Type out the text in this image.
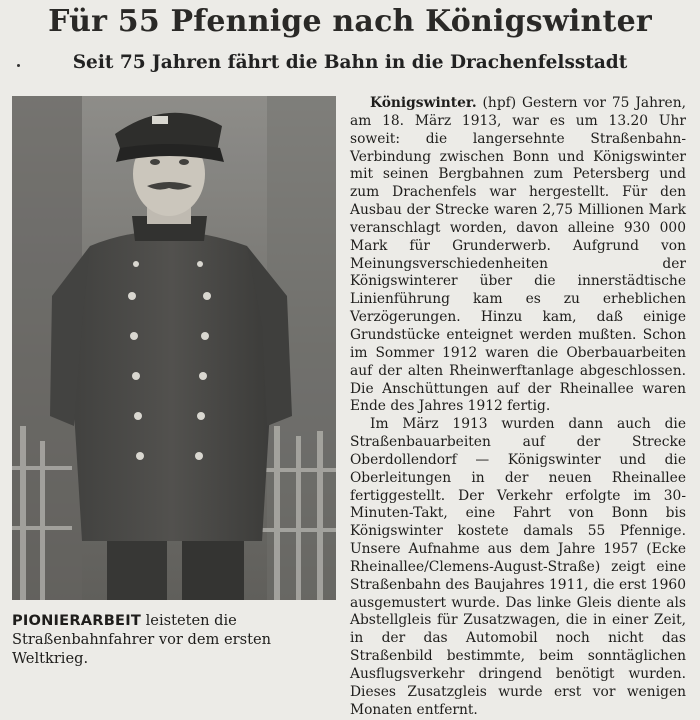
Für 55 Pfennige nach Königswinter
Seit 75 Jahren fährt die Bahn in die Drachenfelsstadt
PIONIERARBEIT leisteten die Straßenbahnfahrer vor dem ersten Weltkrieg.

Königswinter. (hpf) Gestern vor 75 Jahren, am 18. März 1913, war es um 13.20 Uhr soweit: die langersehnte Straßenbahn-Verbindung zwischen Bonn und Königswinter mit seinen Bergbahnen zum Petersberg und zum Drachenfels war hergestellt. Für den Ausbau der Strecke waren 2,75 Millionen Mark veranschlagt worden, davon alleine 930 000 Mark für Grunderwerb. Aufgrund von Meinungsverschiedenheiten der Königswinterer über die innerstädtische Linienführung kam es zu erheblichen Verzögerungen. Hinzu kam, daß einige Grundstücke enteignet werden mußten. Schon im Sommer 1912 waren die Oberbauarbeiten auf der alten Rheinwerftanlage abgeschlossen. Die Anschüttungen auf der Rheinallee waren Ende des Jahres 1912 fertig.

Im März 1913 wurden dann auch die Straßenbauarbeiten auf der Strecke Oberdollendorf — Königswinter und die Oberleitungen in der neuen Rheinallee fertiggestellt. Der Verkehr erfolgte im 30-Minuten-Takt, eine Fahrt von Bonn bis Königswinter kostete damals 55 Pfennige. Unsere Aufnahme aus dem Jahre 1957 (Ecke Rheinallee/Clemens-August-Straße) zeigt eine Straßenbahn des Baujahres 1911, die erst 1960 ausgemustert wurde. Das linke Gleis diente als Abstellgleis für Zusatzwagen, die in einer Zeit, in der das Automobil noch nicht das Straßenbild bestimmte, beim sonntäglichen Ausflugsverkehr dringend benötigt wurden. Dieses Zusatzgleis wurde erst vor wenigen Monaten entfernt.
